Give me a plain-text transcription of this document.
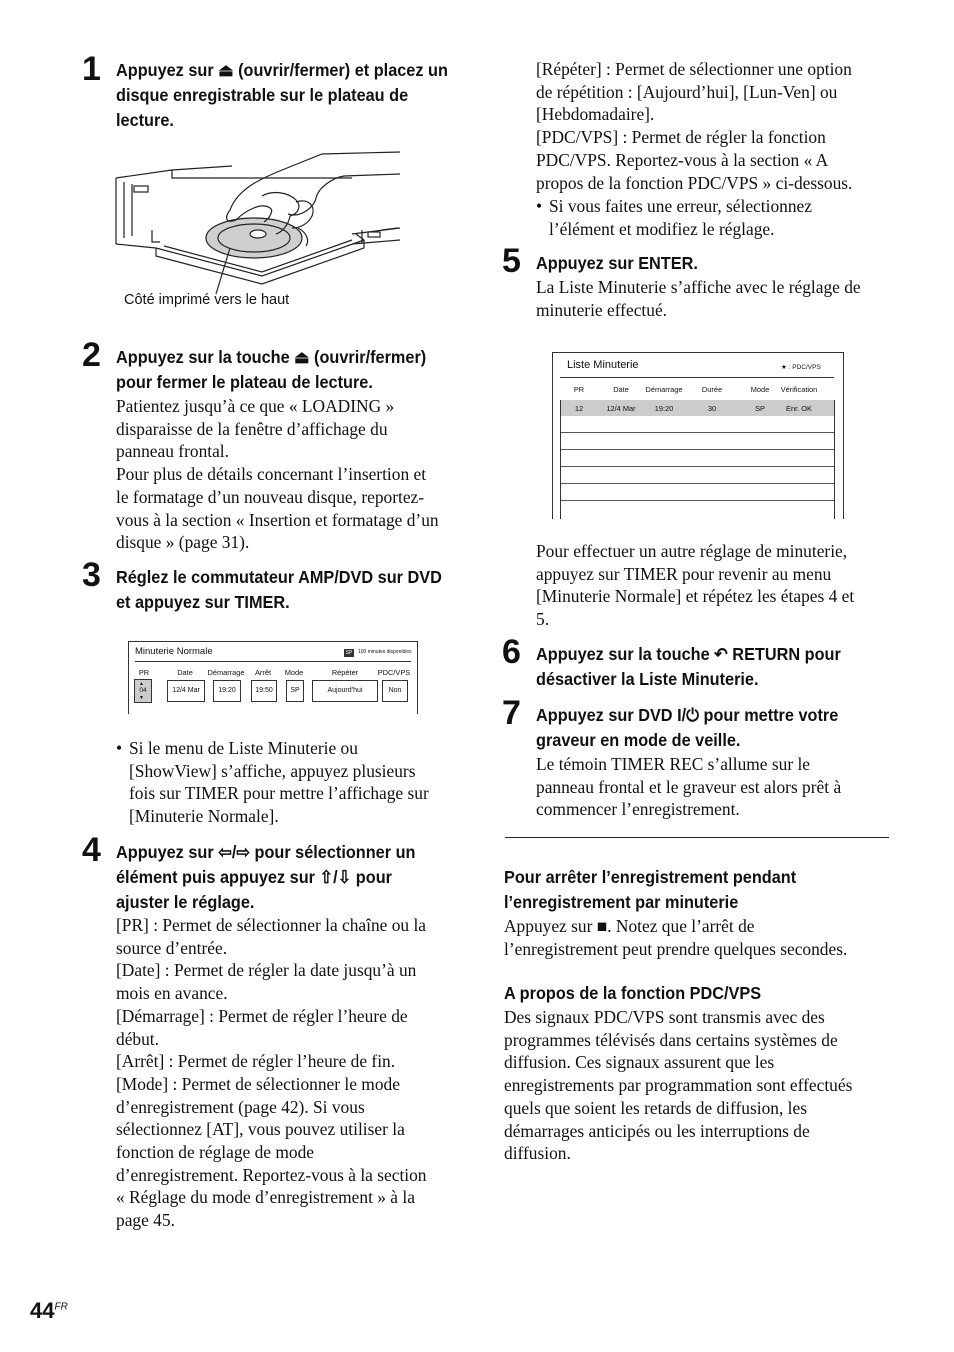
1 Appuyez sur ⏏ (ouvrir/fermer) et placez un
disque enregistrable sur le plateau de
lecture.
Côté imprimé vers le haut
2 Appuyez sur la touche ⏏ (ouvrir/fermer)
pour fermer le plateau de lecture.

Patientez jusqu’à ce que « LOADING »

disparaisse de la fenêtre d’affichage du

panneau frontal.

Pour plus de détails concernant l’insertion et

le formatage d’un nouveau disque, reportez-

vous à la section « Insertion et formatage d’un

disque » (page 31).

3 Réglez le commutateur AMP/DVD sur DVD
et appuyez sur TIMER.
Minuterie Normale	SP	100 minutes disponibles
PR	Date	Démarrage	Arrêt	Mode	Répéter	PDC/VPS
04
▲
▼
12/4 Mar	19:20	19:50	SP	Aujourd’hui	Non
• Si le menu de Liste Minuterie ou
[ShowView] s’affiche, appuyez plusieurs
fois sur TIMER pour mettre l’affichage sur
[Minuterie Normale].
4 Appuyez sur ⇦/⇨ pour sélectionner un
élément puis appuyez sur ⇧/⇩ pour
ajuster le réglage.

[PR] : Permet de sélectionner la chaîne ou la

source d’entrée.

[Date] : Permet de régler la date jusqu’à un

mois en avance.

[Démarrage] : Permet de régler l’heure de

début.

[Arrêt] : Permet de régler l’heure de fin.

[Mode] : Permet de sélectionner le mode

d’enregistrement (page 42). Si vous

sélectionnez [AT], vous pouvez utiliser la

fonction de réglage de mode

d’enregistrement. Reportez-vous à la section

« Réglage du mode d’enregistrement » à la

page 45.

[Répéter] : Permet de sélectionner une option

de répétition : [Aujourd’hui], [Lun-Ven] ou

[Hebdomadaire].

[PDC/VPS] : Permet de régler la fonction

PDC/VPS. Reportez-vous à la section « A

propos de la fonction PDC/VPS » ci-dessous.

• Si vous faites une erreur, sélectionnez
l’élément et modifiez le réglage.
5 Appuyez sur ENTER.

La Liste Minuterie s’affiche avec le réglage de

minuterie effectué.

Liste Minuterie	★ : PDC/VPS
PR	Date	Démarrage	Durée	Mode	Vérification
12	12/4 Mar	19:20	30	SP	Enr. OK

Pour effectuer un autre réglage de minuterie,

appuyez sur TIMER pour revenir au menu

[Minuterie Normale] et répétez les étapes 4 et

5.

6 Appuyez sur la touche ↶ RETURN pour
désactiver la Liste Minuterie.
7 Appuyez sur DVD I/⏻ pour mettre votre
graveur en mode de veille.

Le témoin TIMER REC s’allume sur le

panneau frontal et le graveur est alors prêt à

commencer l’enregistrement.

Pour arrêter l’enregistrement pendant
l’enregistrement par minuterie

Appuyez sur ■. Notez que l’arrêt de

l’enregistrement peut prendre quelques secondes.

A propos de la fonction PDC/VPS

Des signaux PDC/VPS sont transmis avec des

programmes télévisés dans certains systèmes de

diffusion. Ces signaux assurent que les

enregistrements par programmation sont effectués

quels que soient les retards de diffusion, les

démarrages anticipés ou les interruptions de

diffusion.

$44^{FR}$
